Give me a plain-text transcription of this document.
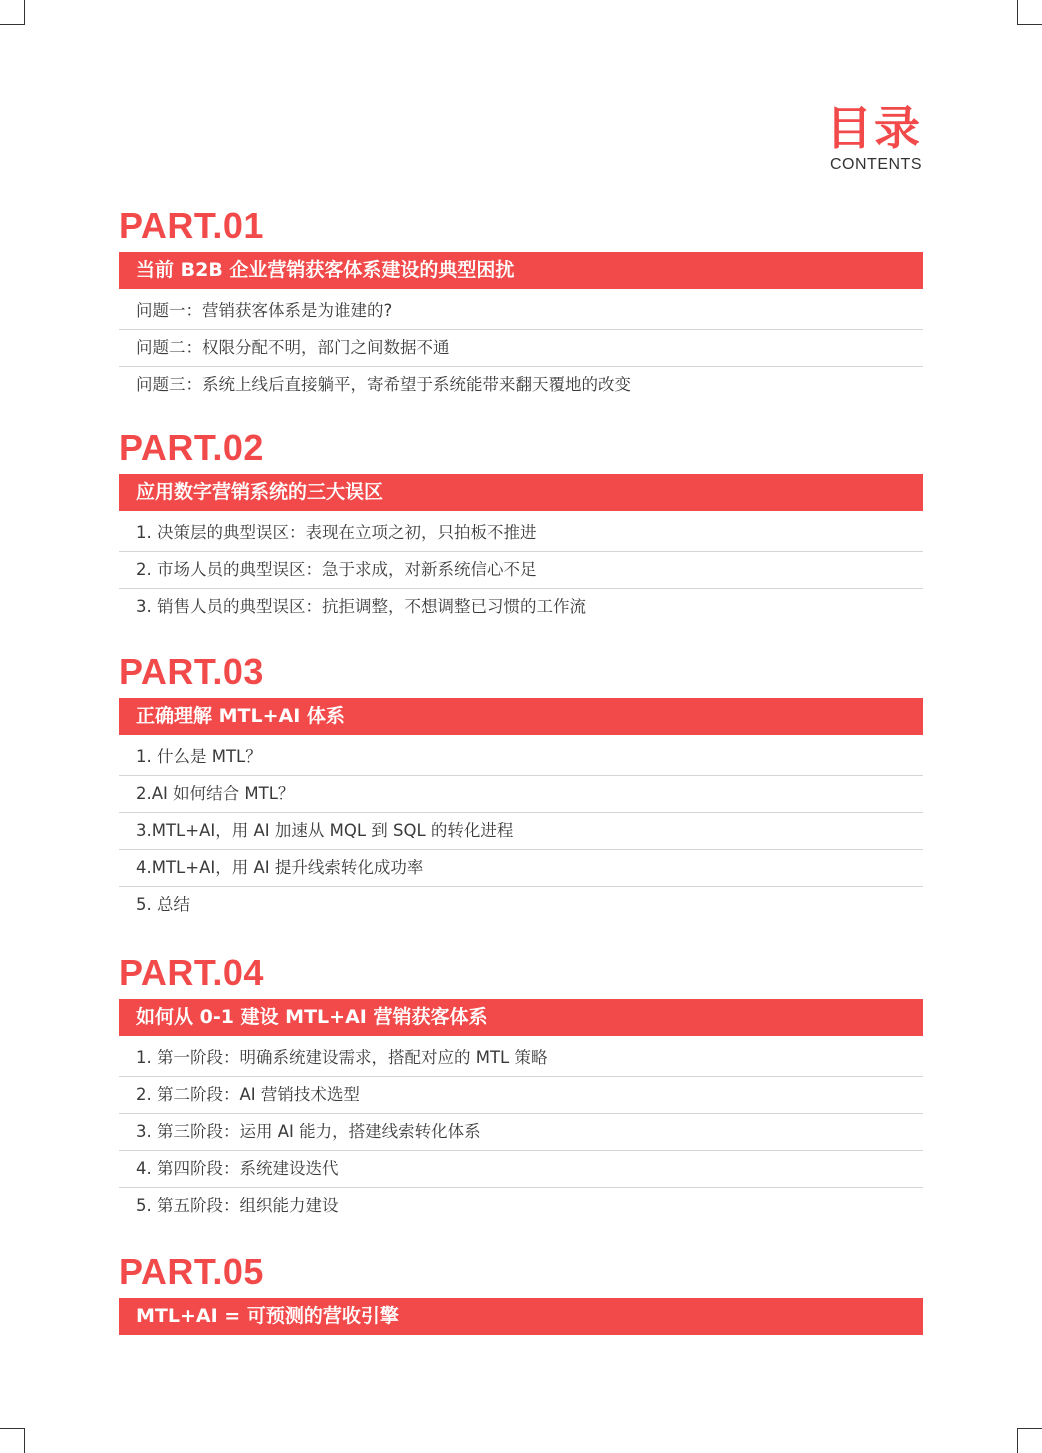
目录
CONTENTS
PART.01
当前 B2B 企业营销获客体系建设的典型困扰
问题一：营销获客体系是为谁建的?
问题二：权限分配不明，部门之间数据不通
问题三：系统上线后直接躺平，寄希望于系统能带来翻天覆地的改变
PART.02
应用数字营销系统的三大误区
1. 决策层的典型误区：表现在立项之初，只拍板不推进
2. 市场人员的典型误区：急于求成，对新系统信心不足
3. 销售人员的典型误区：抗拒调整，不想调整已习惯的工作流
PART.03
正确理解 MTL+AI 体系
1. 什么是 MTL？
2.AI 如何结合 MTL？
3.MTL+AI，用 AI 加速从 MQL 到 SQL 的转化进程
4.MTL+AI，用 AI 提升线索转化成功率
5. 总结
PART.04
如何从 0-1 建设 MTL+AI 营销获客体系
1. 第一阶段：明确系统建设需求，搭配对应的 MTL 策略
2. 第二阶段：AI 营销技术选型
3. 第三阶段：运用 AI 能力，搭建线索转化体系
4. 第四阶段：系统建设迭代
5. 第五阶段：组织能力建设
PART.05
MTL+AI = 可预测的营收引擎
